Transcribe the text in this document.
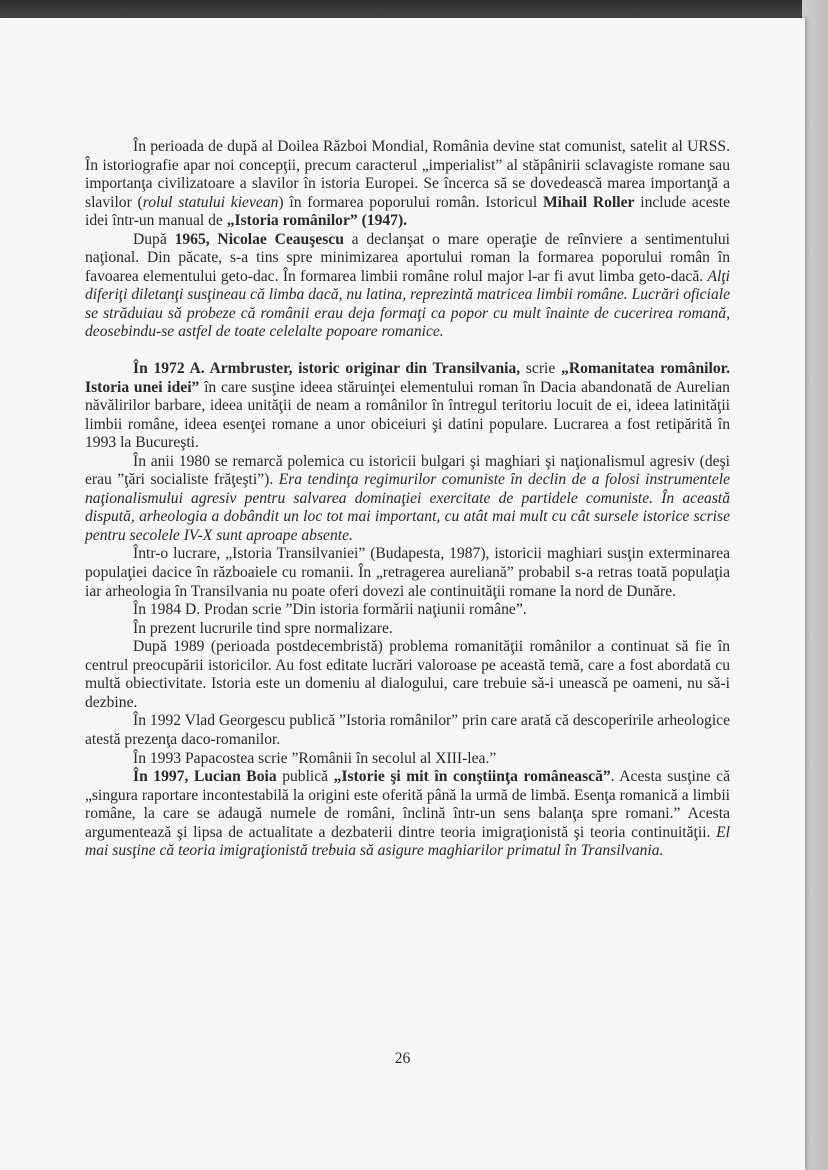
În perioada de după al Doilea Război Mondial, România devine stat comunist, satelit al URSS. În istoriografie apar noi concepţii, precum caracterul „imperialist” al stăpânirii sclavagiste romane sau importanţa civilizatoare a slavilor în istoria Europei. Se încerca să se dovedească marea importanţă a slavilor (rolul statului kievean) în formarea poporului român. Istoricul Mihail Roller include aceste idei într-un manual de „Istoria românilor” (1947).

După 1965, Nicolae Ceauşescu a declanşat o mare operaţie de reînviere a sentimentului naţional. Din păcate, s-a tins spre minimizarea aportului roman la formarea poporului român în favoarea elementului geto-dac. În formarea limbii române rolul major l-ar fi avut limba geto-dacă. Alţi diferiţi diletanţi susţineau că limba dacă, nu latina, reprezintă matricea limbii române. Lucrări oficiale se străduiau să probeze că românii erau deja formaţi ca popor cu mult înainte de cucerirea romană, deosebindu-se astfel de toate celelalte popoare romanice.

În 1972 A. Armbruster, istoric originar din Transilvania, scrie „Romanitatea românilor. Istoria unei idei” în care susţine ideea stăruinţei elementului roman în Dacia abandonată de Aurelian năvălirilor barbare, ideea unităţii de neam a românilor în întregul teritoriu locuit de ei, ideea latinităţii limbii române, ideea esenţei romane a unor obiceiuri şi datini populare. Lucrarea a fost retipărită în 1993 la Bucureşti.

În anii 1980 se remarcă polemica cu istoricii bulgari şi maghiari şi naţionalismul agresiv (deşi erau ”ţări socialiste frăţeşti”). Era tendinţa regimurilor comuniste în declin de a folosi instrumentele naţionalismului agresiv pentru salvarea dominaţiei exercitate de partidele comuniste. În această dispută, arheologia a dobândit un loc tot mai important, cu atât mai mult cu cât sursele istorice scrise pentru secolele IV-X sunt aproape absente.

Într-o lucrare, „Istoria Transilvaniei” (Budapesta, 1987), istoricii maghiari susţin exterminarea populaţiei dacice în războaiele cu romanii. În „retragerea aureliană” probabil s-a retras toată populaţia iar arheologia în Transilvania nu poate oferi dovezi ale continuităţii romane la nord de Dunăre.

În 1984 D. Prodan scrie ”Din istoria formării naţiunii române”.

În prezent lucrurile tind spre normalizare.

După 1989 (perioada postdecembristă) problema romanităţii românilor a continuat să fie în centrul preocupării istoricilor. Au fost editate lucrări valoroase pe această temă, care a fost abordată cu multă obiectivitate. Istoria este un domeniu al dialogului, care trebuie să-i unească pe oameni, nu să-i dezbine.

În 1992 Vlad Georgescu publică ”Istoria românilor” prin care arată că descoperirile arheologice atestă prezenţa daco-romanilor.

În 1993 Papacostea scrie ”Românii în secolul al XIII-lea.”

În 1997, Lucian Boia publică „Istorie şi mit în conştiinţa românească”. Acesta susţine că „singura raportare incontestabilă la origini este oferită până la urmă de limbă. Esenţa romanică a limbii române, la care se adaugă numele de români, înclină într-un sens balanţa spre romani.” Acesta argumentează şi lipsa de actualitate a dezbaterii dintre teoria imigraţionistă şi teoria continuităţii. El mai susţine că teoria imigraţionistă trebuia să asigure maghiarilor primatul în Transilvania.

26
